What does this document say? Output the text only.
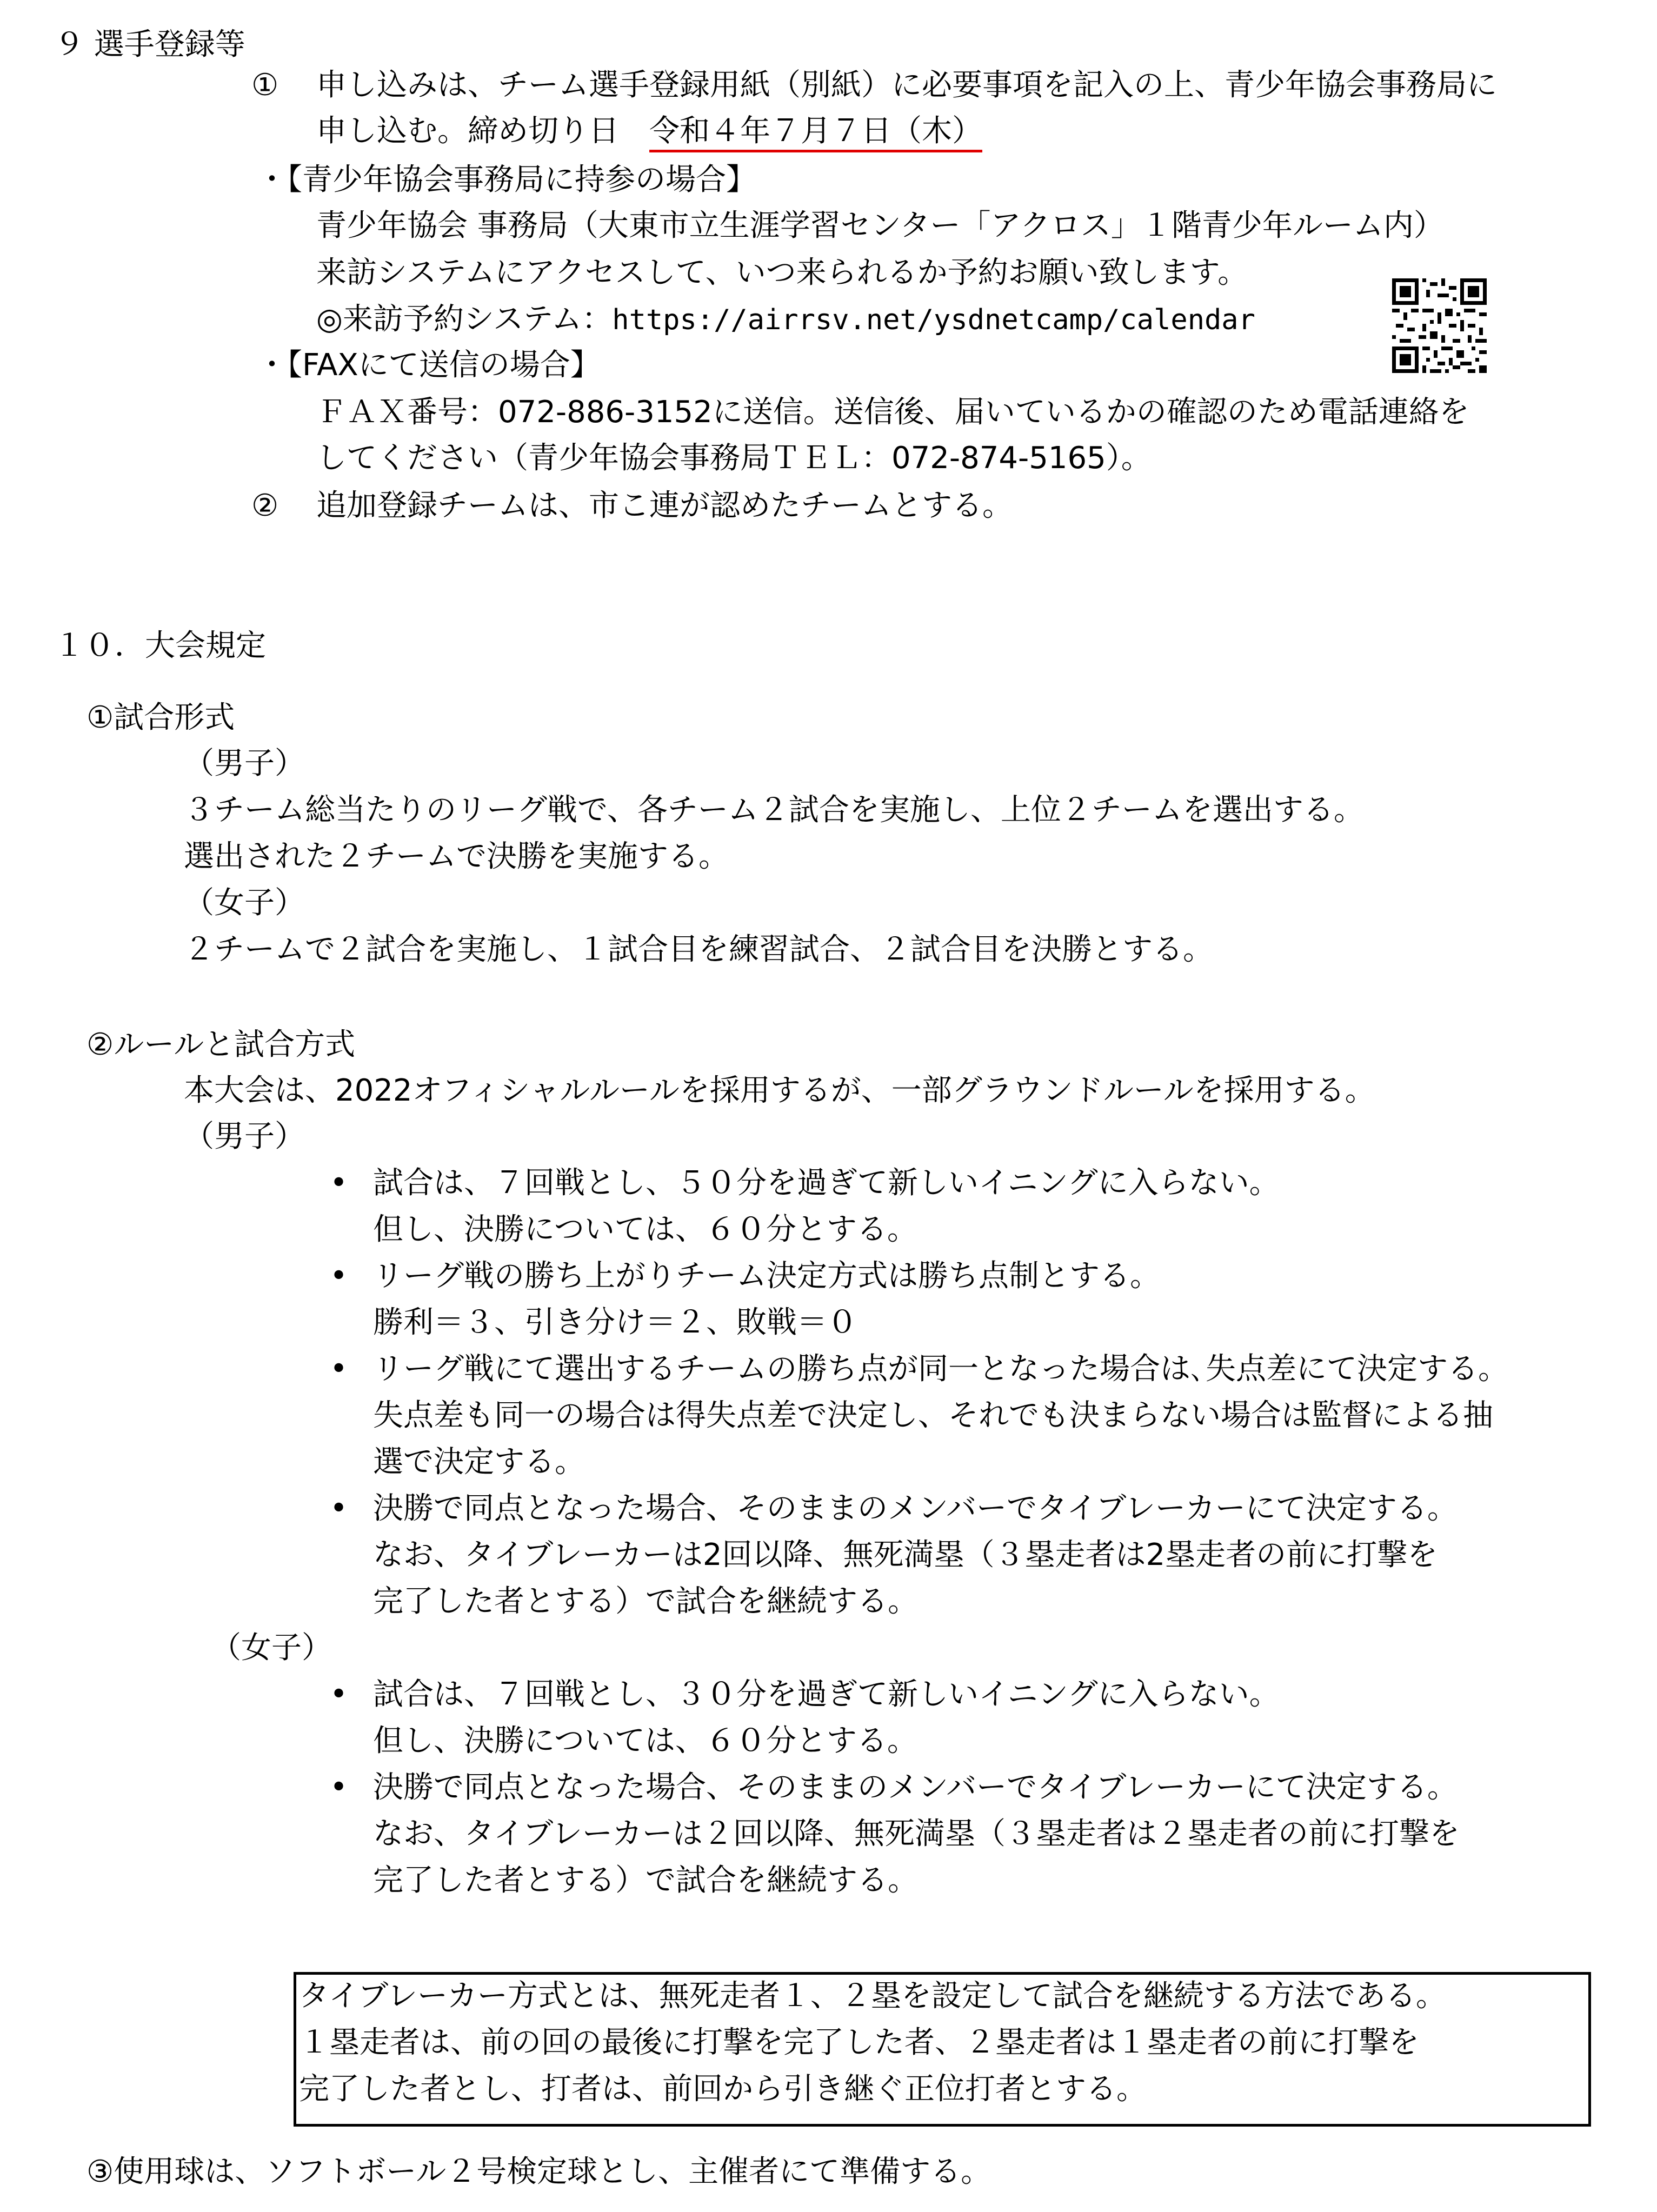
９ 選手登録等
① 申し込みは、チーム選手登録用紙（別紙）に必要事項を記入の上、青少年協会事務局に
申し込む。締め切り日　令和４年７月７日（木）
・【青少年協会事務局に持参の場合】
青少年協会 事務局（大東市立生涯学習センター「アクロス」１階青少年ルーム内）
来訪システムにアクセスして、いつ来られるか予約お願い致します。
◎来訪予約システム：https://airrsv.net/ysdnetcamp/calendar
・【FAXにて送信の場合】
ＦＡＸ番号：072-886-3152に送信。送信後、届いているかの確認のため電話連絡を
してください（青少年協会事務局ＴＥＬ：072-874-5165）。
② 追加登録チームは、市こ連が認めたチームとする。
１０．大会規定
①試合形式
（男子）
３チーム総当たりのリーグ戦で、各チーム２試合を実施し、上位２チームを選出する。
選出された２チームで決勝を実施する。
（女子）
２チームで２試合を実施し、１試合目を練習試合、２試合目を決勝とする。
②ルールと試合方式
本大会は、2022オフィシャルルールを採用するが、一部グラウンドルールを採用する。
（男子）
• 試合は、７回戦とし、５０分を過ぎて新しいイニングに入らない。
但し、決勝については、６０分とする。
• リーグ戦の勝ち上がりチーム決定方式は勝ち点制とする。
勝利＝３、引き分け＝２、敗戦＝０
• リーグ戦にて選出するチームの勝ち点が同一となった場合は､失点差にて決定する。
失点差も同一の場合は得失点差で決定し、それでも決まらない場合は監督による抽
選で決定する。
• 決勝で同点となった場合、そのままのメンバーでタイブレーカーにて決定する。
なお、タイブレーカーは2回以降、無死満塁（３塁走者は2塁走者の前に打撃を
完了した者とする）で試合を継続する。
（女子）
• 試合は、７回戦とし、３０分を過ぎて新しいイニングに入らない。
但し、決勝については、６０分とする。
• 決勝で同点となった場合、そのままのメンバーでタイブレーカーにて決定する。
なお、タイブレーカーは２回以降、無死満塁（３塁走者は２塁走者の前に打撃を
完了した者とする）で試合を継続する。
タイブレーカー方式とは、無死走者１、２塁を設定して試合を継続する方法である。
１塁走者は、前の回の最後に打撃を完了した者、２塁走者は１塁走者の前に打撃を
完了した者とし、打者は、前回から引き継ぐ正位打者とする。
③使用球は、ソフトボール２号検定球とし、主催者にて準備する。
